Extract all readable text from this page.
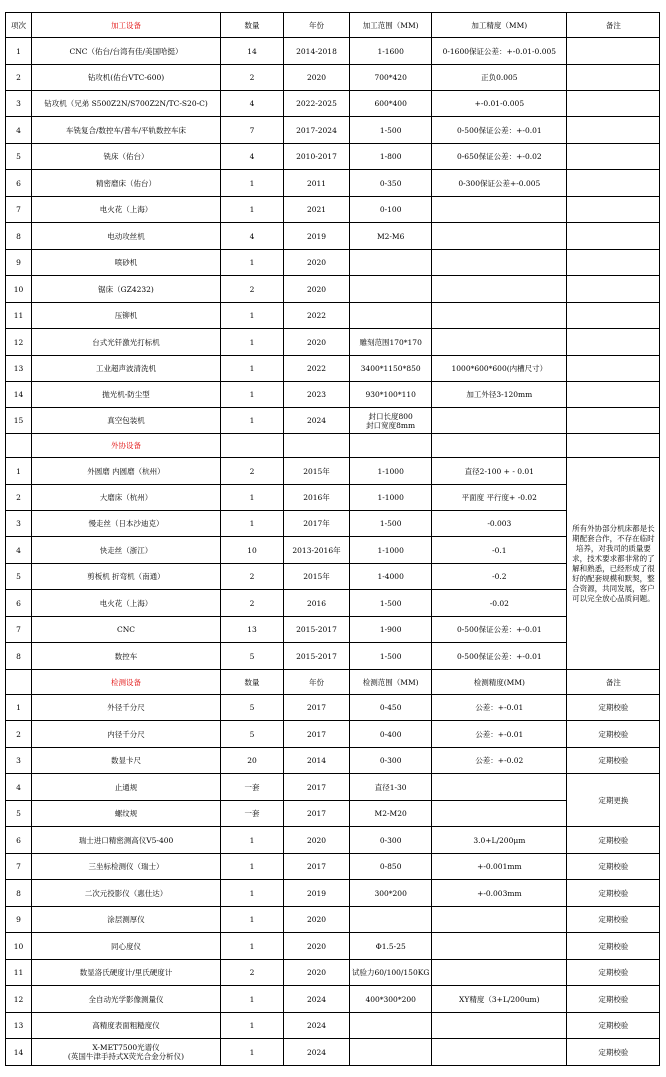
项次	加工设备	数量	年份	加工范围（MM)	加工精度（MM)	备注
1	CNC（佑台/台湾有佳/美国哈挺）	14	2014-2018	1-1600	0-1600保证公差：+-0.01-0.005	
2	钻攻机(佑台VTC-600)	2	2020	700*420	正负0.005	
3	钻攻机（兄弟 S500Z2N/S700Z2N/TC-S20-C)	4	2022-2025	600*400	+-0.01-0.005	
4	车铣复合/数控车/普车/平轨数控车床	7	2017-2024	1-500	0-500保证公差：+-0.01	
5	铣床（佑台）	4	2010-2017	1-800	0-650保证公差：+-0.02	
6	精密磨床（佑台）	1	2011	0-350	0-300保证公差+-0.005	
7	电火花（上海）	1	2021	0-100		
8	电动攻丝机	4	2019	M2-M6		
9	喷砂机	1	2020			
10	锯床（GZ4232)	2	2020			
11	压铆机	1	2022			
12	台式光钎激光打标机	1	2020	雕刻范围170*170		
13	工业超声波清洗机	1	2022	3400*1150*850	1000*600*600(内槽尺寸）	
14	抛光机-防尘型	1	2023	930*100*110	加工外径3-120mm	
15	真空包装机	1	2024	封口长度800
封口宽度8mm		
	外协设备					
1	外圆磨 内圆磨（杭州）	2	2015年	1-1000	直径2-100 + - 0.01	所有外协部分机床都是长期配套合作，不存在临时培养，对我司的质量要求，技术要求都非常的了解和熟悉，已经形成了很好的配套规模和默契，整合资源，共同发展，客户可以完全放心品质问题。
2	大磨床（杭州）	1	2016年	1-1000	平面度 平行度+ -0.02	
3	慢走丝（日本沙迪克）	1	2017年	1-500	-0.003	
4	快走丝（浙江）	10	2013-2016年	1-1000	-0.1	
5	剪板机 折弯机（南通）	2	2015年	1-4000	-0.2	
6	电火花（上海）	2	2016	1-500	-0.02	
7	CNC	13	2015-2017	1-900	0-500保证公差：+-0.01	
8	数控车	5	2015-2017	1-500	0-500保证公差：+-0.01	
	检测设备	数量	年份	检测范围（MM)	检测精度(MM)	备注
1	外径千分尺	5	2017	0-450	公差：+-0.01	定期校验
2	内径千分尺	5	2017	0-400	公差：+-0.01	定期校验
3	数显卡尺	20	2014	0-300	公差：+-0.02	定期校验
4	止通规	一套	2017	直径1-30		定期更换
5	螺纹规	一套	2017	M2-M20		
6	瑞士进口精密测高仪V5-400	1	2020	0-300	3.0+L/200μm	定期校验
7	三坐标检测仪（瑞士）	1	2017	0-850	+-0.001mm	定期校验
8	二次元投影仪（惠仕达）	1	2019	300*200	+-0.003mm	定期校验
9	涂层测厚仪	1	2020			定期校验
10	同心度仪	1	2020	Φ1.5-25		定期校验
11	数显洛氏硬度计/里氏硬度计	2	2020	试验力60/100/150KG		定期校验
12	全自动光学影像测量仪	1	2024	400*300*200	XY精度（3+L/200um)	定期校验
13	高精度表面粗糙度仪	1	2024			定期校验
14	X-MET7500光谱仪
(英国牛津手持式X荧光合金分析仪)	1	2024			定期校验
